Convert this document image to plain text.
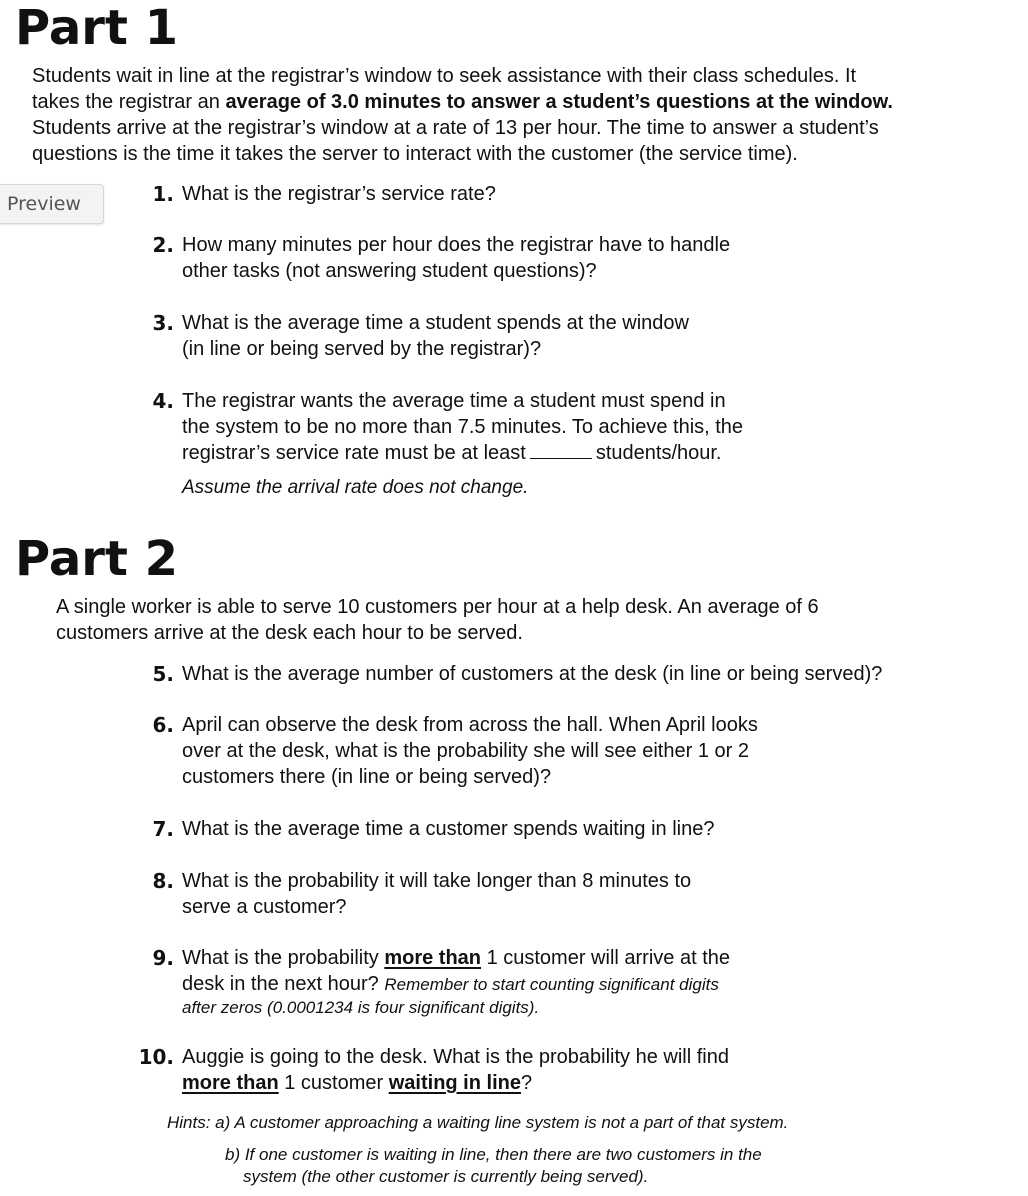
Part 1
Students wait in line at the registrar’s window to seek assistance with their class schedules. It
takes the registrar an average of 3.0 minutes to answer a student’s questions at the window.
Students arrive at the registrar’s window at a rate of 13 per hour. The time to answer a student’s
questions is the time it takes the server to interact with the customer (the service time).
Preview	1. What is the registrar’s service rate?
2. How many minutes per hour does the registrar have to handle
other tasks (not answering student questions)?
3. What is the average time a student spends at the window
(in line or being served by the registrar)?
4. The registrar wants the average time a student must spend in
the system to be no more than 7.5 minutes. To achieve this, the
registrar’s service rate must be at least	students/hour.
Assume the arrival rate does not change.
Part 2
A single worker is able to serve 10 customers per hour at a help desk. An average of 6
customers arrive at the desk each hour to be served.
5. What is the average number of customers at the desk (in line or being served)?
6. April can observe the desk from across the hall. When April looks
over at the desk, what is the probability she will see either 1 or 2
customers there (in line or being served)?
7. What is the average time a customer spends waiting in line?
8. What is the probability it will take longer than 8 minutes to
serve a customer?
9. What is the probability more than 1 customer will arrive at the
desk in the next hour? Remember to start counting significant digits
after zeros (0.0001234 is four significant digits).
10. Auggie is going to the desk. What is the probability he will find
more than 1 customer waiting in line?
Hints: a) A customer approaching a waiting line system is not a part of that system.
b) If one customer is waiting in line, then there are two customers in the
system (the other customer is currently being served).
